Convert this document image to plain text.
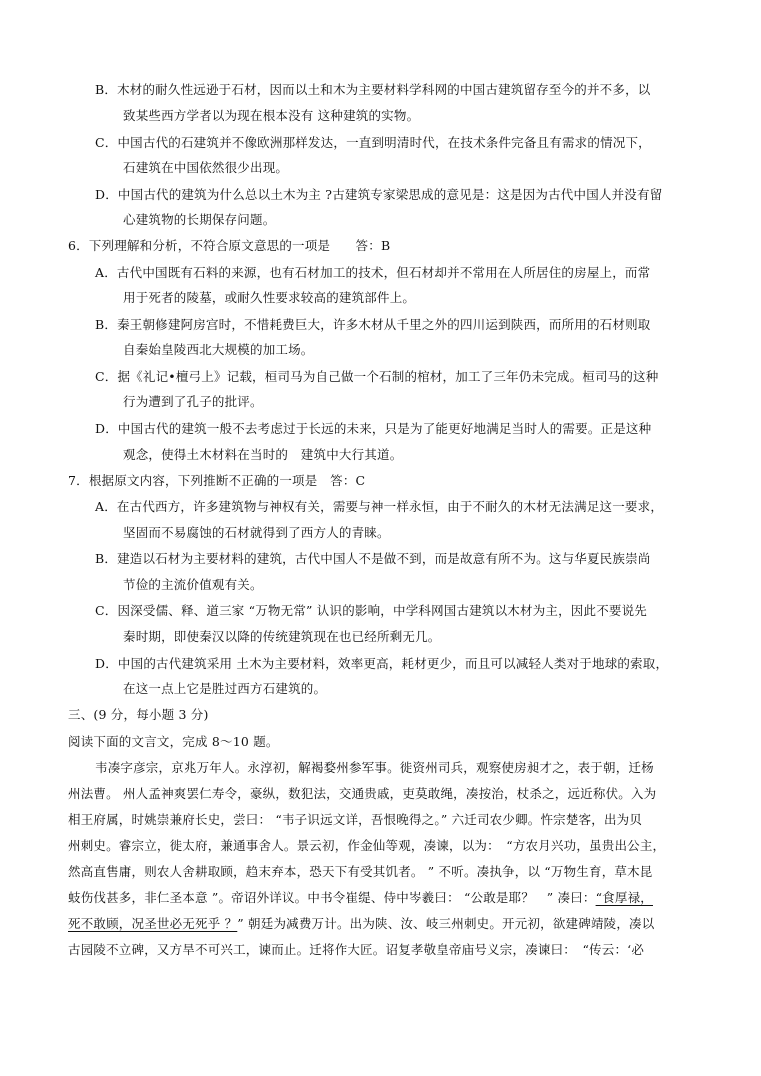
B．木材的耐久性远逊于石材，因而以土和木为主要材料学科网的中国古建筑留存至今的并不多，以
致某些西方学者以为现在根本没有 这种建筑的实物。
C．中国古代的石建筑并不像欧洲那样发达，一直到明清时代，在技术条件完备且有需求的情况下，
石建筑在中国依然很少出现。
D．中国古代的建筑为什么总以土木为主 ?古建筑专家梁思成的意见是：这是因为古代中国人并没有留
心建筑物的长期保存问题。
6．下列理解和分析，不符合原文意思的一项是　　答：B
A．古代中国既有石料的来源，也有石材加工的技术，但石材却并不常用在人所居住的房屋上，而常
用于死者的陵墓，或耐久性要求较高的建筑部件上。
B．秦王朝修建阿房宫时，不惜耗费巨大，许多木材从千里之外的四川运到陕西，而所用的石材则取
自秦始皇陵西北大规模的加工场。
C．据《礼记•檀弓上》记载，桓司马为自己做一个石制的棺材，加工了三年仍未完成。桓司马的这种
行为遭到了孔子的批评。
D．中国古代的建筑一般不去考虑过于长远的未来，只是为了能更好地满足当时人的需要。正是这种
观念，使得土木材料在当时的　建筑中大行其道。
7．根据原文内容，下列推断不正确的一项是　答：C
A．在古代西方，许多建筑物与神权有关，需要与神一样永恒，由于不耐久的木材无法满足这一要求，
坚固而不易腐蚀的石材就得到了西方人的青睐。
B．建造以石材为主要材料的建筑，古代中国人不是做不到，而是故意有所不为。这与华夏民族崇尚
节俭的主流价值观有关。
C．因深受儒、释、道三家 “万物无常” 认识的影响，中学科网国古建筑以木材为主，因此不要说先
秦时期，即使秦汉以降的传统建筑现在也已经所剩无几。
D．中国的古代建筑采用 土木为主要材料，效率更高，耗材更少，而且可以减轻人类对于地球的索取，
在这一点上它是胜过西方石建筑的。
三、(9 分，每小题 3 分)
阅读下面的文言文，完成 8～10 题。
韦凑字彦宗，京兆万年人。永淳初，解褐婺州参军事。徙资州司兵，观察使房昶才之，表于朝，迁杨
州法曹。 州人孟神爽罢仁寿令，豪纵，数犯法，交通贵戚，吏莫敢绳，凑按治，杖杀之，远近称伏。入为
相王府属，时姚崇兼府长史，尝曰： “韦子识远文详，吾恨晚得之。” 六迁司农少卿。忤宗楚客，出为贝
州刺史。睿宗立，徙太府，兼通事舍人。景云初，作金仙等观，凑谏，以为：　“方农月兴功，虽贵出公主，
然高直售庸，则农人舍耕取顾，趋末弃本，恐天下有受其饥者。 ” 不听。凑执争，以 “万物生育，草木昆
蚑伤伐甚多，非仁圣本意 ”。帝诏外详议。中书令崔缇、侍中岑羲曰： “公敢是耶？　” 凑曰：“食厚禄，
死不敢顾，况圣世必无死乎 ？” 朝廷为减费万计。出为陕、汝、岐三州刺史。开元初，欲建碑靖陵，凑以
古园陵不立碑，又方旱不可兴工，谏而止。迁将作大匠。诏复孝敬皇帝庙号义宗，凑谏曰：　“传云：‘必
